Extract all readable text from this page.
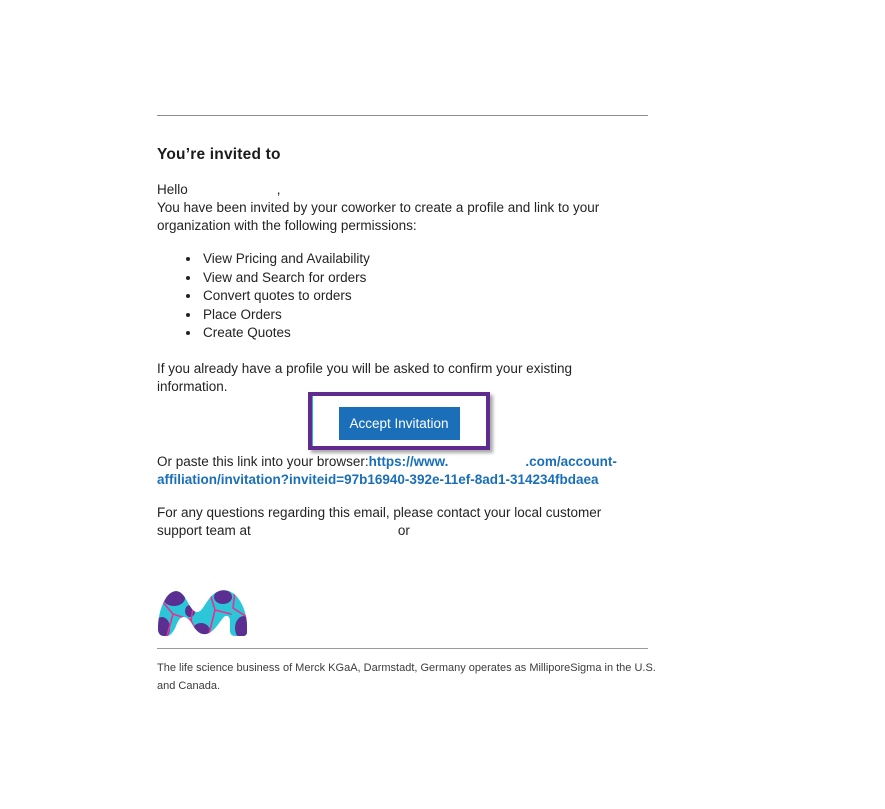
You’re invited to

Hello	,
You have been invited by your coworker to create a profile and link to your
organization with the following permissions:

• View Pricing and Availability
• View and Search for orders
• Convert quotes to orders
• Place Orders
• Create Quotes

If you already have a profile you will be asked to confirm your existing
information.

Accept Invitation

Or paste this link into your browser:https://www.	.com/account-
affiliation/invitation?inviteid=97b16940-392e-11ef-8ad1-314234fbdaea

For any questions regarding this email, please contact your local customer
support team at	or

The life science business of Merck KGaA, Darmstadt, Germany operates as MilliporeSigma in the U.S.
and Canada.
